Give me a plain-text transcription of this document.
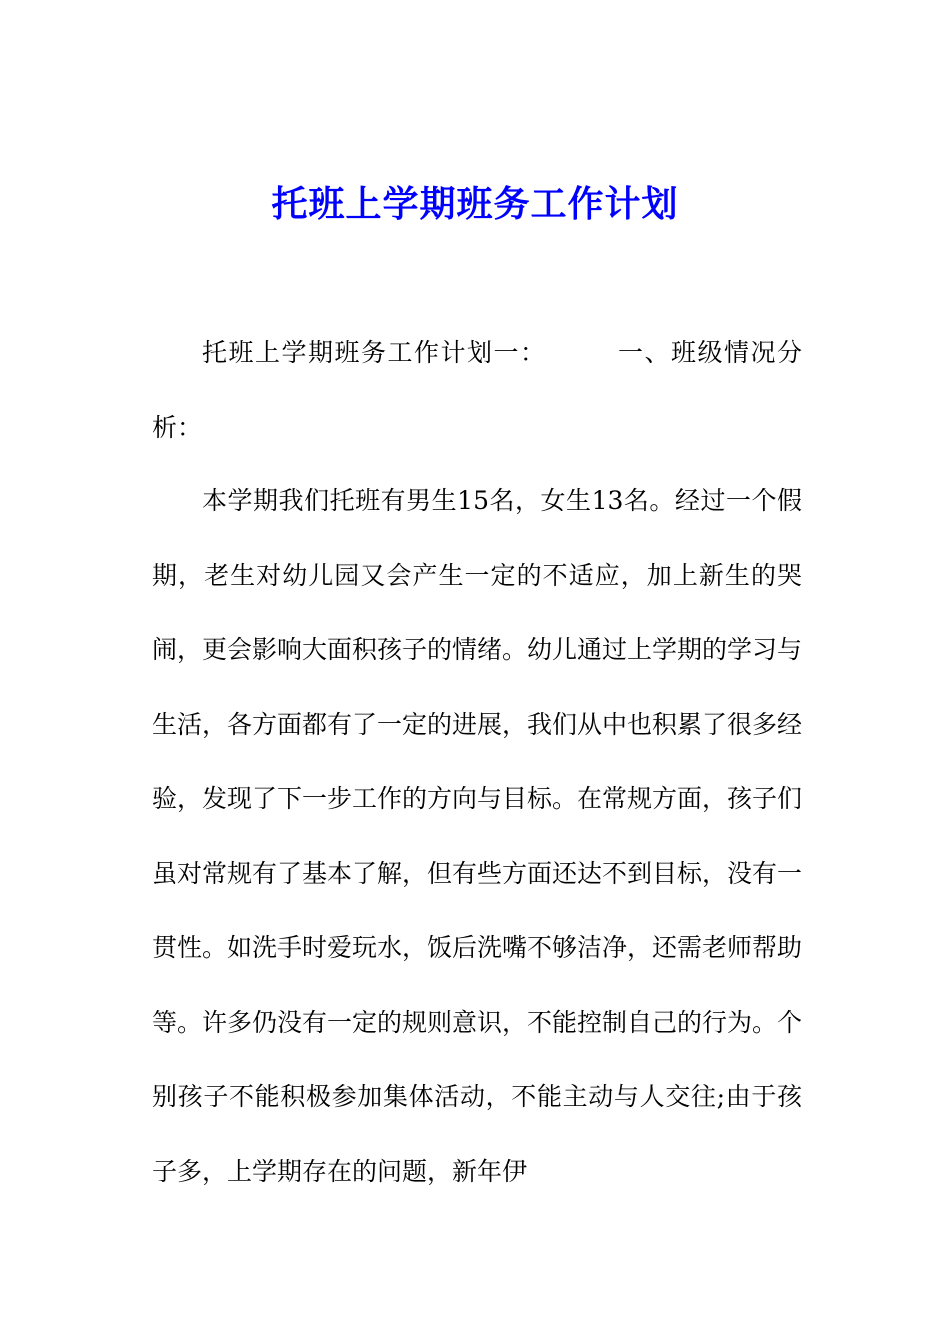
托班上学期班务工作计划

托班上学期班务工作计划一：	一、班级情况分析：

本学期我们托班有男生15名，女生13名。经过一个假期，老生对幼儿园又会产生一定的不适应，加上新生的哭闹，更会影响大面积孩子的情绪。幼儿通过上学期的学习与生活，各方面都有了一定的进展，我们从中也积累了很多经验，发现了下一步工作的方向与目标。在常规方面，孩子们虽对常规有了基本了解，但有些方面还达不到目标，没有一贯性。如洗手时爱玩水，饭后洗嘴不够洁净，还需老师帮助等。许多仍没有一定的规则意识，不能控制自己的行为。个别孩子不能积极参加集体活动，不能主动与人交往;由于孩子多，上学期存在的问题，新年伊
